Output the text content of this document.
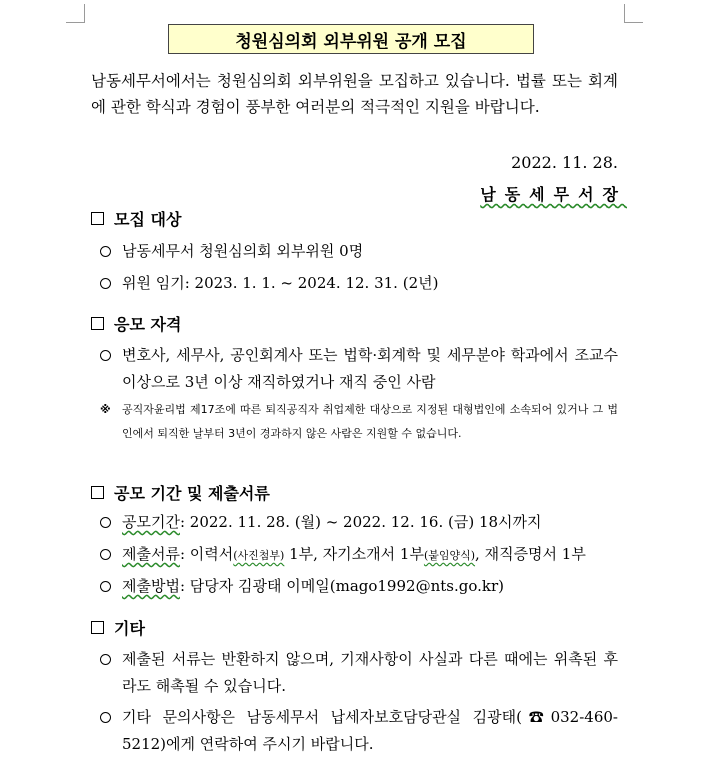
청원심의회 외부위원 공개 모집
남동세무서에서는 청원심의회 외부위원을 모집하고 있습니다. 법률 또는 회계에 관한 학식과 경험이 풍부한 여러분의 적극적인 지원을 바랍니다.
2022. 11. 28.
남동세무서장
모집 대상
남동세무서 청원심의회 외부위원 0명
위원 임기: 2023. 1. 1. ~ 2024. 12. 31. (2년)
응모 자격
변호사, 세무사, 공인회계사 또는 법학·회계학 및 세무분야 학과에서 조교수 이상으로 3년 이상 재직하였거나 재직 중인 사람
※ 공직자윤리법 제17조에 따른 퇴직공직자 취업제한 대상으로 지정된 대형법인에 소속되어 있거나 그 법인에서 퇴직한 날부터 3년이 경과하지 않은 사람은 지원할 수 없습니다.
공모 기간 및 제출서류
공모기간: 2022. 11. 28. (월) ~ 2022. 12. 16. (금) 18시까지
제출서류: 이력서(사진첨부) 1부, 자기소개서 1부(붙임양식), 재직증명서 1부
제출방법: 담당자 김광태 이메일(mago1992@nts.go.kr)
기타
제출된 서류는 반환하지 않으며, 기재사항이 사실과 다른 때에는 위촉된 후라도 해촉될 수 있습니다.
기타 문의사항은 남동세무서 납세자보호담당관실 김광태(☎032-460-5212)에게 연락하여 주시기 바랍니다.
